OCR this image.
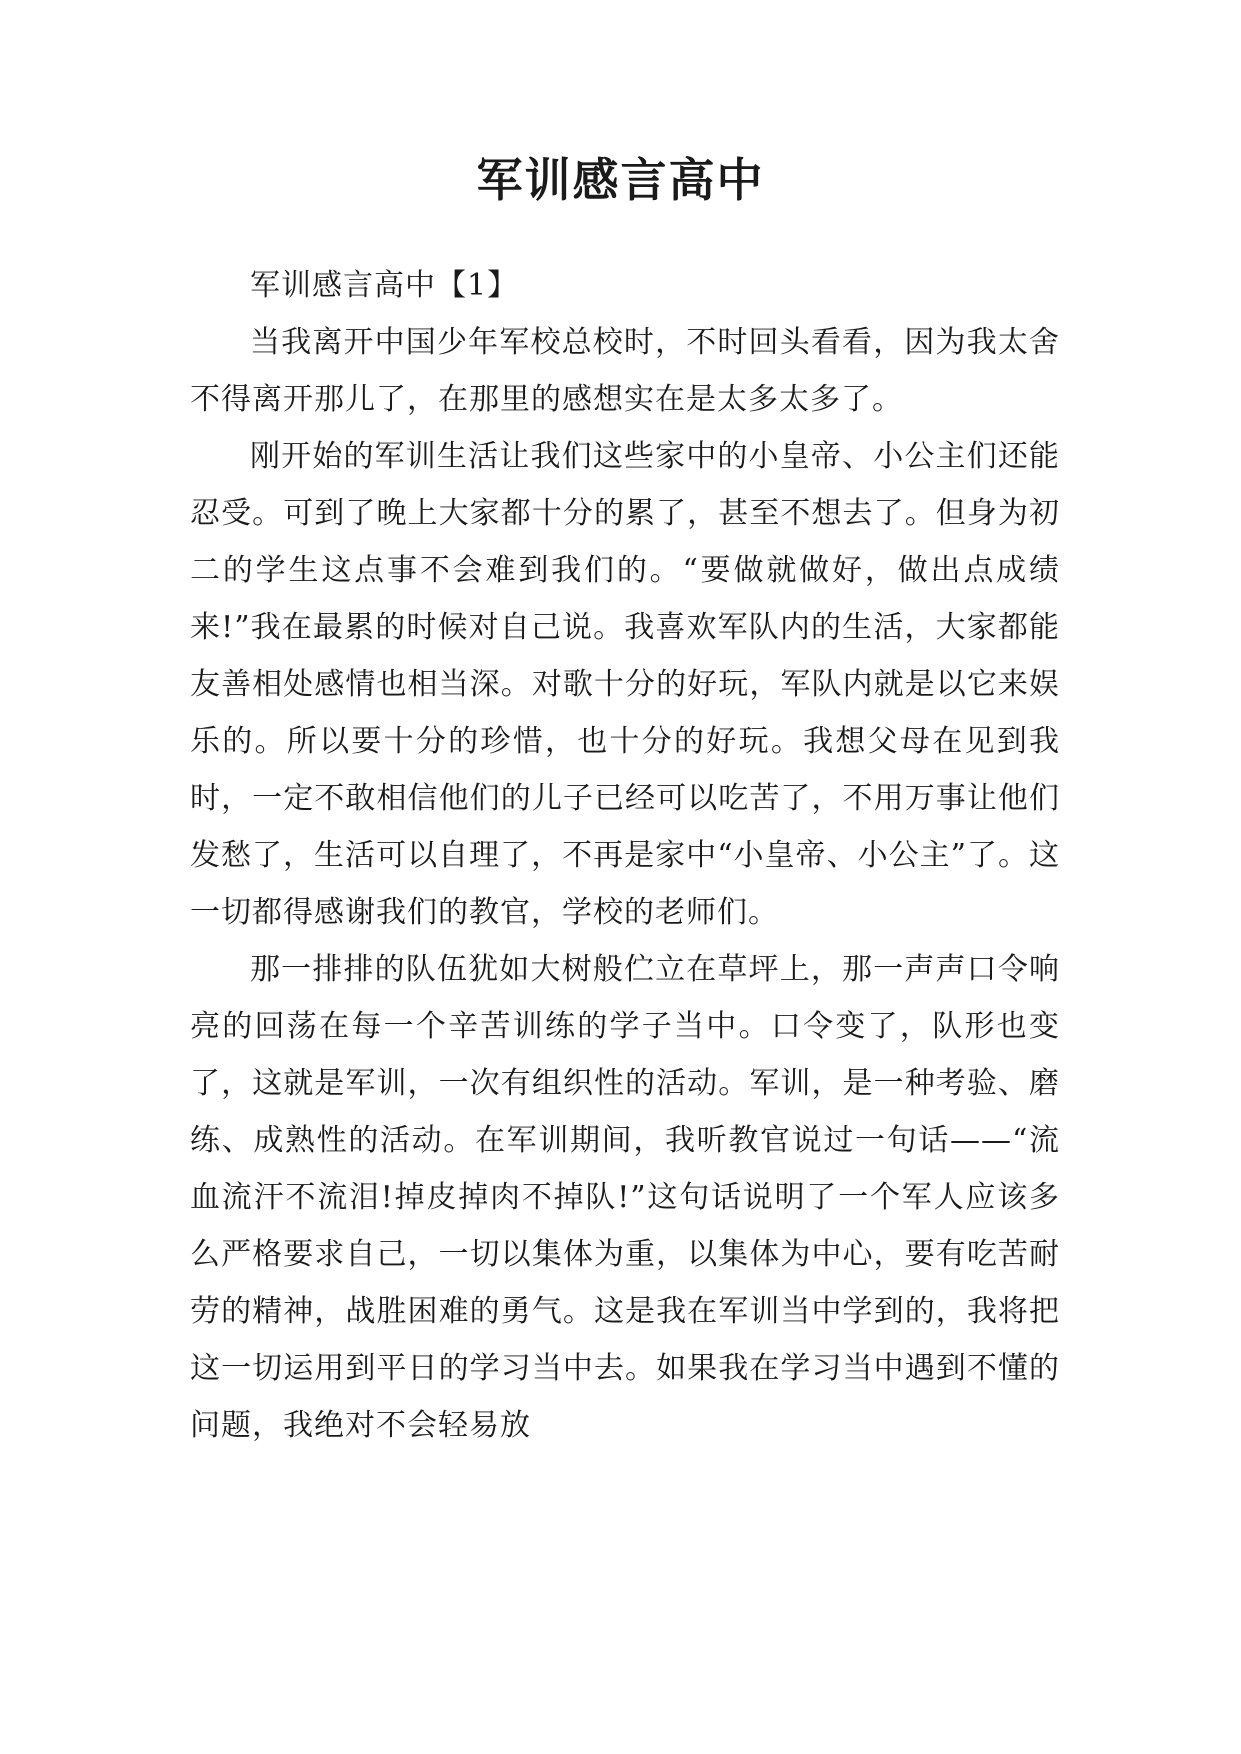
军训感言高中

军训感言高中【1】

当我离开中国少年军校总校时，不时回头看看，因为我太舍不得离开那儿了，在那里的感想实在是太多太多了。

刚开始的军训生活让我们这些家中的小皇帝、小公主们还能忍受。可到了晚上大家都十分的累了，甚至不想去了。但身为初二的学生这点事不会难到我们的。“要做就做好，做出点成绩来!”我在最累的时候对自己说。我喜欢军队内的生活，大家都能友善相处感情也相当深。对歌十分的好玩，军队内就是以它来娱乐的。所以要十分的珍惜，也十分的好玩。我想父母在见到我时，一定不敢相信他们的儿子已经可以吃苦了，不用万事让他们发愁了，生活可以自理了，不再是家中“小皇帝、小公主”了。这一切都得感谢我们的教官，学校的老师们。

那一排排的队伍犹如大树般伫立在草坪上，那一声声口令响亮的回荡在每一个辛苦训练的学子当中。口令变了，队形也变了，这就是军训，一次有组织性的活动。军训，是一种考验、磨练、成熟性的活动。在军训期间，我听教官说过一句话——“流血流汗不流泪!掉皮掉肉不掉队!”这句话说明了一个军人应该多么严格要求自己，一切以集体为重，以集体为中心，要有吃苦耐劳的精神，战胜困难的勇气。这是我在军训当中学到的，我将把这一切运用到平日的学习当中去。如果我在学习当中遇到不懂的问题，我绝对不会轻易放
